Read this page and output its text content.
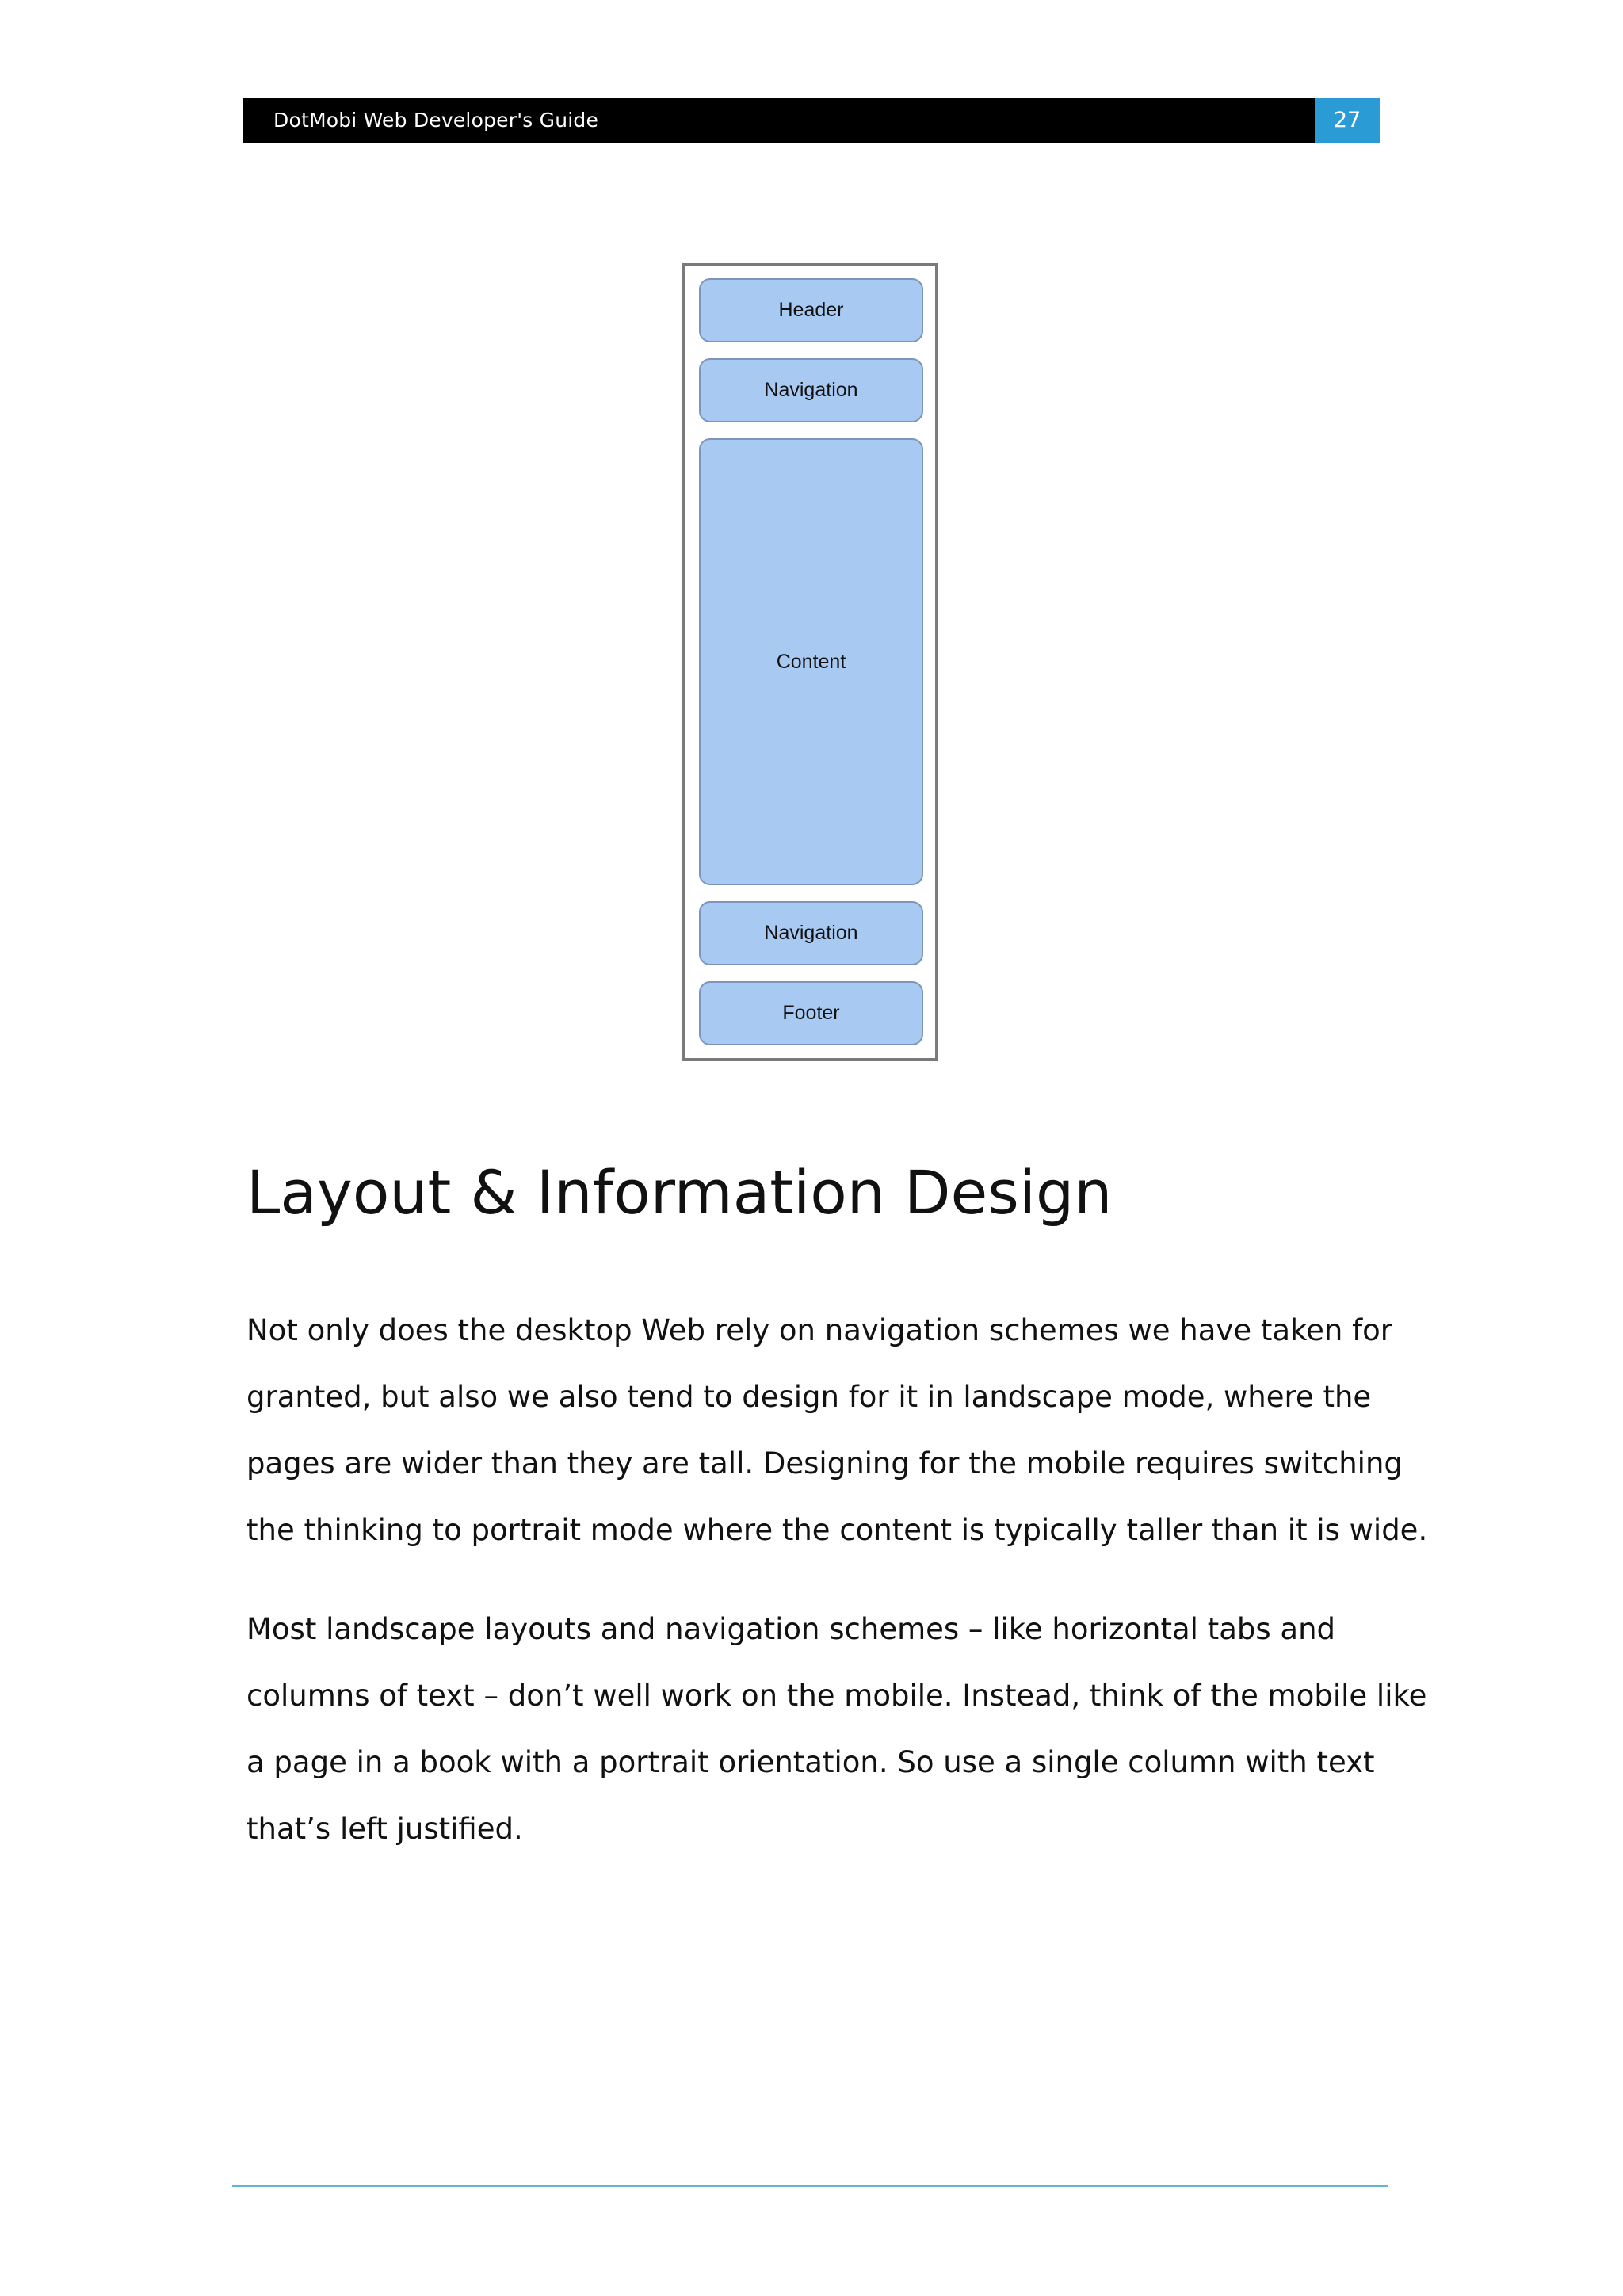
DotMobi Web Developer's Guide	27
Header
Navigation
Content
Navigation
Footer
Layout & Information Design

Not only does the desktop Web rely on navigation schemes we have taken for
granted, but also we also tend to design for it in landscape mode, where the
pages are wider than they are tall. Designing for the mobile requires switching
the thinking to portrait mode where the content is typically taller than it is wide.

Most landscape layouts and navigation schemes – like horizontal tabs and
columns of text – don’t well work on the mobile. Instead, think of the mobile like
a page in a book with a portrait orientation. So use a single column with text
that’s left justified.
